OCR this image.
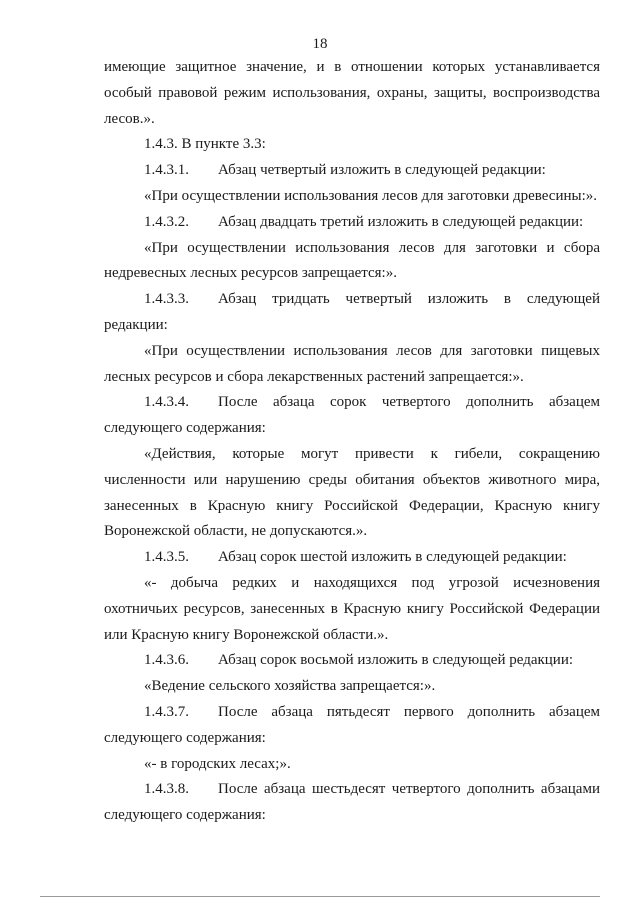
18

имеющие защитное значение, и в отношении которых устанавливается

особый правовой режим использования, охраны, защиты, воспроизводства

лесов.».

1.4.3. В пункте 3.3:

1.4.3.1. Абзац четвертый изложить в следующей редакции:

«При осуществлении использования лесов для заготовки древесины:».

1.4.3.2. Абзац двадцать третий изложить в следующей редакции:

«При осуществлении использования лесов для заготовки и сбора

недревесных лесных ресурсов запрещается:».

1.4.3.3. Абзац тридцать четвертый изложить в следующей

редакции:

«При осуществлении использования лесов для заготовки пищевых

лесных ресурсов и сбора лекарственных растений запрещается:».

1.4.3.4. После абзаца сорок четвертого дополнить абзацем

следующего содержания:

«Действия, которые могут привести к гибели, сокращению

численности или нарушению среды обитания объектов животного мира,

занесенных в Красную книгу Российской Федерации, Красную книгу

Воронежской области, не допускаются.».

1.4.3.5. Абзац сорок шестой изложить в следующей редакции:

«- добыча редких и находящихся под угрозой исчезновения

охотничьих ресурсов, занесенных в Красную книгу Российской Федерации

или Красную книгу Воронежской области.».

1.4.3.6. Абзац сорок восьмой изложить в следующей редакции:

«Ведение сельского хозяйства запрещается:».

1.4.3.7. После абзаца пятьдесят первого дополнить абзацем

следующего содержания:

«- в городских лесах;».

1.4.3.8. После абзаца шестьдесят четвертого дополнить абзацами

следующего содержания:
